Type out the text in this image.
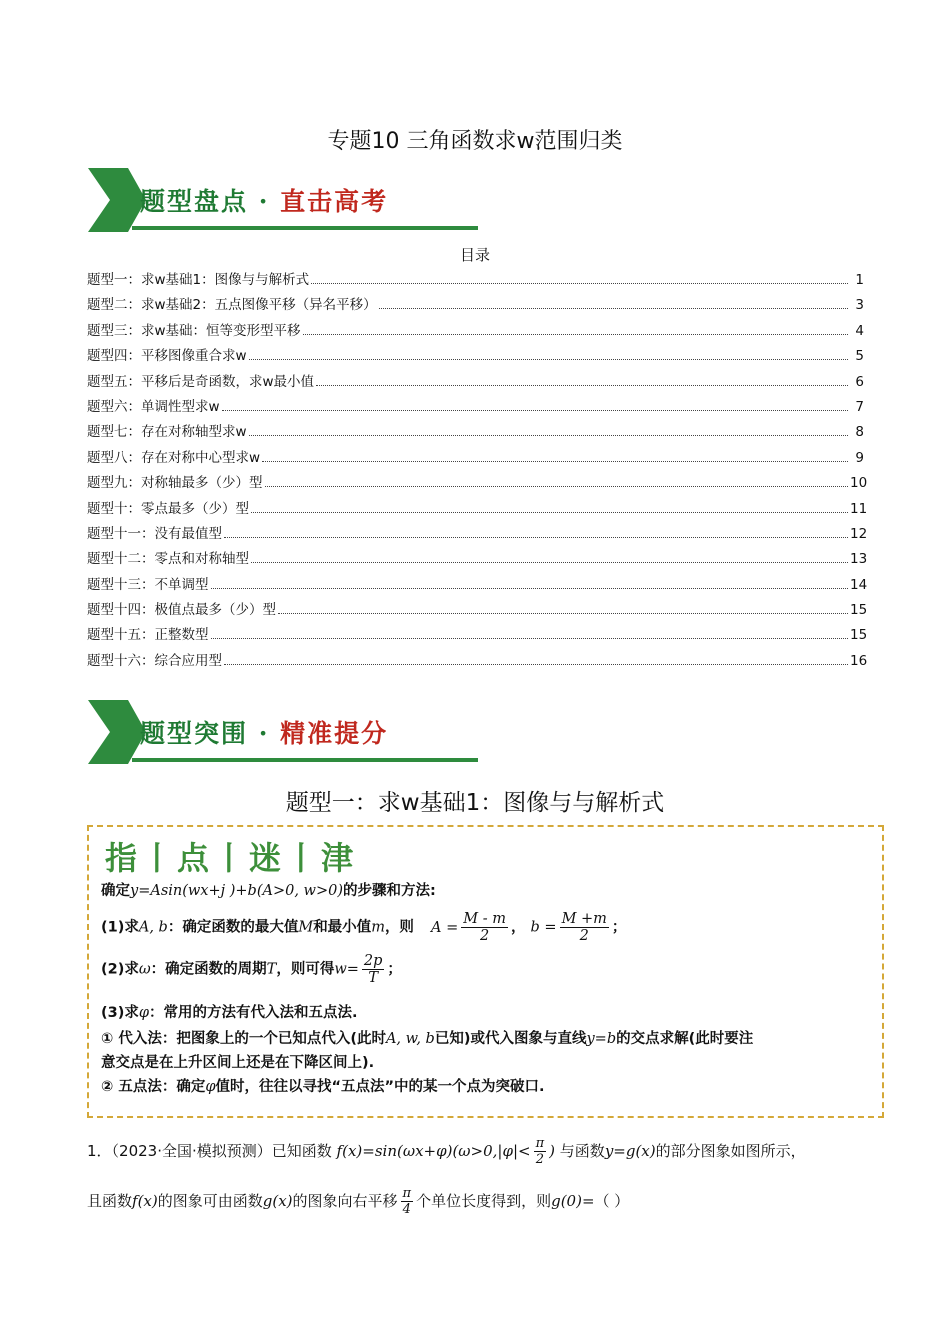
专题10 三角函数求w范围归类
题型盘点 · 直击高考
目录
题型一：求w基础1：图像与与解析式	1
题型二：求w基础2：五点图像平移（异名平移）	3
题型三：求w基础：恒等变形型平移	4
题型四：平移图像重合求w	5
题型五：平移后是奇函数，求w最小值	6
题型六：单调性型求w	7
题型七：存在对称轴型求w	8
题型八：存在对称中心型求w	9
题型九：对称轴最多（少）型	10
题型十：零点最多（少）型	11
题型十一：没有最值型	12
题型十二：零点和对称轴型	13
题型十三：不单调型	14
题型十四：极值点最多（少）型	15
题型十五：正整数型	15
题型十六：综合应用型	16
题型突围 · 精准提分
题型一：求w基础1：图像与与解析式
指丨点丨迷丨津
确定y=Asin(wx+j )+b(A>0, w>0)的步骤和方法:
(1)求A, b：确定函数的最大值M和最小值m，则 $A = \frac{M - m}{2}$ ， $b = \frac{M +m}{2}$ ；
(2)求ω：确定函数的周期T，则可得$w= \frac{2p}{T}$ ；
(3)求φ：常用的方法有代入法和五点法.
① 代入法：把图象上的一个已知点代入(此时A, w, b已知)或代入图象与直线y=b的交点求解(此时要注
意交点是在上升区间上还是在下降区间上).
② 五点法：确定φ值时，往往以寻找“五点法”中的某一个点为突破口.
1．（2023·全国·模拟预测）已知函数 $f(x)=\sin(\omega x+\varphi)(\omega>0,|\varphi|< \frac{\pi}{2}$ ) 与函数y=g(x)的部分图象如图所示，
且函数f(x)的图象可由函数g(x)的图象向右平移 $\frac{\pi}{4}$ 个单位长度得到，则g(0)=（ ）
